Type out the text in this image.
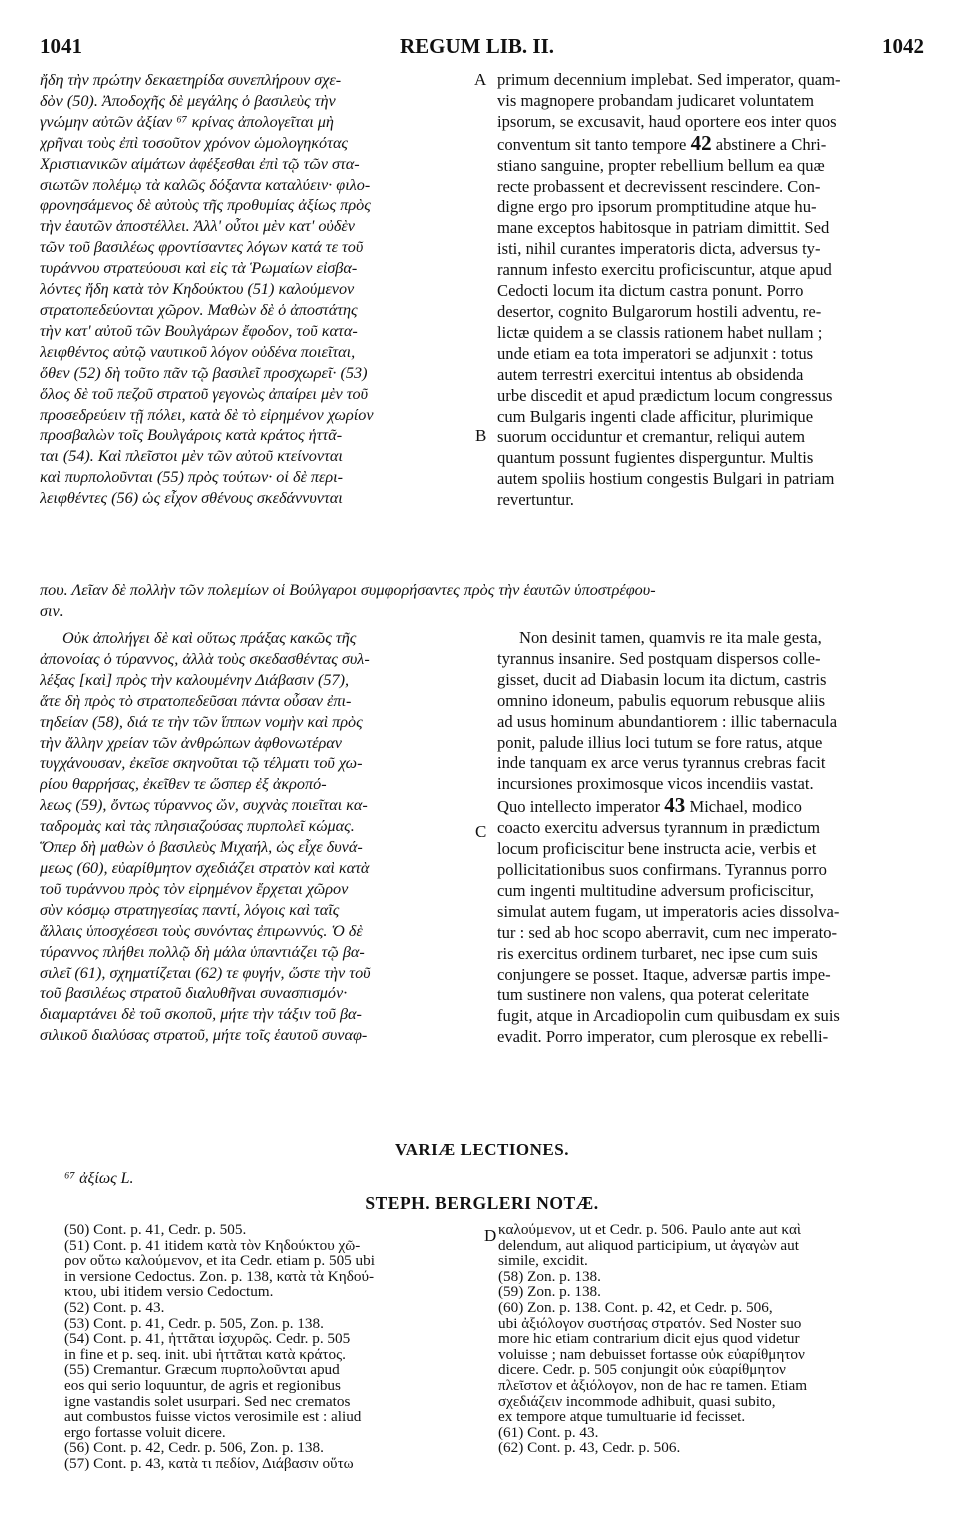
1041	REGUM LIB. II.	1042
ἤδη τὴν πρώτην δεκαετηρίδα συνεπλήρουν σχε-
δὸν (50). Ἀποδοχῆς δὲ μεγάλης ὁ βασιλεὺς τὴν
γνώμην αὐτῶν ἀξίαν ⁶⁷ κρίνας ἀπολογεῖται μὴ
χρῆναι τοὺς ἐπὶ τοσοῦτον χρόνον ὡμολογηκότας
Χριστιανικῶν αἱμάτων ἀφέξεσθαι ἐπὶ τῷ τῶν στα-
σιωτῶν πολέμῳ τὰ καλῶς δόξαντα καταλύειν· φιλο-
φρονησάμενος δὲ αὐτοὺς τῆς προθυμίας ἀξίως πρὸς
τὴν ἑαυτῶν ἀποστέλλει. Ἀλλ' οὗτοι μὲν κατ' οὐδὲν
τῶν τοῦ βασιλέως φροντίσαντες λόγων κατά τε τοῦ
τυράννου στρατεύουσι καὶ εἰς τὰ Ῥωμαίων εἰσβα-
λόντες ἤδη κατὰ τὸν Κηδούκτου (51) καλούμενον
στρατοπεδεύονται χῶρον. Μαθὼν δὲ ὁ ἀποστάτης
τὴν κατ' αὐτοῦ τῶν Βουλγάρων ἔφοδον, τοῦ κατα-
λειφθέντος αὐτῷ ναυτικοῦ λόγον οὐδένα ποιεῖται,
ὅθεν (52) δὴ τοῦτο πᾶν τῷ βασιλεῖ προσχωρεῖ· (53)
ὅλος δὲ τοῦ πεζοῦ στρατοῦ γεγονὼς ἀπαίρει μὲν τοῦ
προσεδρεύειν τῇ πόλει, κατὰ δὲ τὸ εἰρημένον χωρίον
προσβαλὼν τοῖς Βουλγάροις κατὰ κράτος ἡττᾶ-
ται (54). Καὶ πλεῖστοι μὲν τῶν αὐτοῦ κτείνονται
καὶ πυρπολοῦνται (55) πρὸς τούτων· οἱ δὲ περι-
λειφθέντες (56) ὡς εἶχον σθένους σκεδάννυνται
primum decennium implebat. Sed imperator, quam-
vis magnopere probandam judicaret voluntatem
ipsorum, se excusavit, haud oportere eos inter quos
conventum sit tanto tempore 42 abstinere a Chri-
stiano sanguine, propter rebellium bellum ea quæ
recte probassent et decrevissent rescindere. Con-
digne ergo pro ipsorum promptitudine atque hu-
mane exceptos habitosque in patriam dimittit. Sed
isti, nihil curantes imperatoris dicta, adversus ty-
rannum infesto exercitu proficiscuntur, atque apud
Cedocti locum ita dictum castra ponunt. Porro
desertor, cognito Bulgarorum hostili adventu, re-
lictæ quidem a se classis rationem habet nullam ;
unde etiam ea tota imperatori se adjunxit : totus
autem terrestri exercitui intentus ab obsidenda
urbe discedit et apud prædictum locum congressus
cum Bulgaris ingenti clade afficitur, plurimique
suorum occiduntur et cremantur, reliqui autem
quantum possunt fugientes disperguntur. Multis
autem spoliis hostium congestis Bulgari in patriam
revertuntur.
A
B
C
που. Λεῖαν δὲ πολλὴν τῶν πολεμίων οἱ Βούλγαροι συμφορήσαντες πρὸς τὴν ἑαυτῶν ὑποστρέφου-
σιν.
Οὐκ ἀπολήγει δὲ καὶ οὕτως πράξας κακῶς τῆς
ἀπονοίας ὁ τύραννος, ἀλλὰ τοὺς σκεδασθέντας συλ-
λέξας [καὶ] πρὸς τὴν καλουμένην Διάβασιν (57),
ἅτε δὴ πρὸς τὸ στρατοπεδεῦσαι πάντα οὖσαν ἐπι-
τηδείαν (58), διά τε τὴν τῶν ἵππων νομὴν καὶ πρὸς
τὴν ἄλλην χρείαν τῶν ἀνθρώπων ἀφθονωτέραν
τυγχάνουσαν, ἐκεῖσε σκηνοῦται τῷ τέλματι τοῦ χω-
ρίου θαρρήσας, ἐκεῖθεν τε ὥσπερ ἐξ ἀκροπό-
λεως (59), ὄντως τύραννος ὤν, συχνὰς ποιεῖται κα-
ταδρομὰς καὶ τὰς πλησιαζούσας πυρπολεῖ κώμας.
Ὅπερ δὴ μαθὼν ὁ βασιλεὺς Μιχαήλ, ὡς εἶχε δυνά-
μεως (60), εὐαρίθμητον σχεδιάζει στρατὸν καὶ κατὰ
τοῦ τυράννου πρὸς τὸν εἰρημένον ἔρχεται χῶρον
σὺν κόσμῳ στρατηγεσίας παντί, λόγοις καὶ ταῖς
ἄλλαις ὑποσχέσεσι τοὺς συνόντας ἐπιρωννύς. Ὁ δὲ
τύραννος πλήθει πολλῷ δὴ μάλα ὑπαντιάζει τῷ βα-
σιλεῖ (61), σχηματίζεται (62) τε φυγήν, ὥστε τὴν τοῦ
τοῦ βασιλέως στρατοῦ διαλυθῆναι συνασπισμόν·
διαμαρτάνει δὲ τοῦ σκοποῦ, μήτε τὴν τάξιν τοῦ βα-
σιλικοῦ διαλύσας στρατοῦ, μήτε τοῖς ἑαυτοῦ συναφ-
Non desinit tamen, quamvis re ita male gesta,
tyrannus insanire. Sed postquam dispersos colle-
gisset, ducit ad Diabasin locum ita dictum, castris
omnino idoneum, pabulis equorum rebusque aliis
ad usus hominum abundantiorem : illic tabernacula
ponit, palude illius loci tutum se fore ratus, atque
inde tanquam ex arce verus tyrannus crebras facit
incursiones proximosque vicos incendiis vastat.
Quo intellecto imperator 43 Michael, modico
coacto exercitu adversus tyrannum in prædictum
locum proficiscitur bene instructa acie, verbis et
pollicitationibus suos confirmans. Tyrannus porro
cum ingenti multitudine adversum proficiscitur,
simulat autem fugam, ut imperatoris acies dissolva-
tur : sed ab hoc scopo aberravit, cum nec imperato-
ris exercitus ordinem turbaret, nec ipse cum suis
conjungere se posset. Itaque, adversæ partis impe-
tum sustinere non valens, qua poterat celeritate
fugit, atque in Arcadiopolin cum quibusdam ex suis
evadit. Porro imperator, cum plerosque ex rebelli-
VARIÆ LECTIONES.
⁶⁷ ἀξίως L.
STEPH. BERGLERI NOTÆ.
D
(50) Cont. p. 41, Cedr. p. 505.
(51) Cont. p. 41 itidem κατὰ τὸν Κηδούκτου χῶ-
ρον οὕτω καλούμενον, et ita Cedr. etiam p. 505 ubi
in versione Cedoctus. Zon. p. 138, κατὰ τὰ Κηδού-
κτου, ubi itidem versio Cedoctum.
(52) Cont. p. 43.
(53) Cont. p. 41, Cedr. p. 505, Zon. p. 138.
(54) Cont. p. 41, ἡττᾶται ἰσχυρῶς. Cedr. p. 505
in fine et p. seq. init. ubi ἡττᾶται κατὰ κράτος.
(55) Cremantur. Græcum πυρπολοῦνται apud
eos qui serio loquuntur, de agris et regionibus
igne vastandis solet usurpari. Sed nec crematos
aut combustos fuisse victos verosimile est : aliud
ergo fortasse voluit dicere.
(56) Cont. p. 42, Cedr. p. 506, Zon. p. 138.
(57) Cont. p. 43, κατὰ τι πεδίον, Διάβασιν οὕτω
καλούμενον, ut et Cedr. p. 506. Paulo ante aut καὶ
delendum, aut aliquod participium, ut ἀγαγὼν aut
simile, excidit.
(58) Zon. p. 138.
(59) Zon. p. 138.
(60) Zon. p. 138. Cont. p. 42, et Cedr. p. 506,
ubi ἀξιόλογον συστήσας στρατόν. Sed Noster suo
more hic etiam contrarium dicit ejus quod videtur
voluisse ; nam debuisset fortasse οὐκ εὐαρίθμητον
dicere. Cedr. p. 505 conjungit οὐκ εὐαρίθμητον
πλεῖστον et ἀξιόλογον, non de hac re tamen. Etiam
σχεδιάζειν incommode adhibuit, quasi subito,
ex tempore atque tumultuarie id fecisset.
(61) Cont. p. 43.
(62) Cont. p. 43, Cedr. p. 506.
